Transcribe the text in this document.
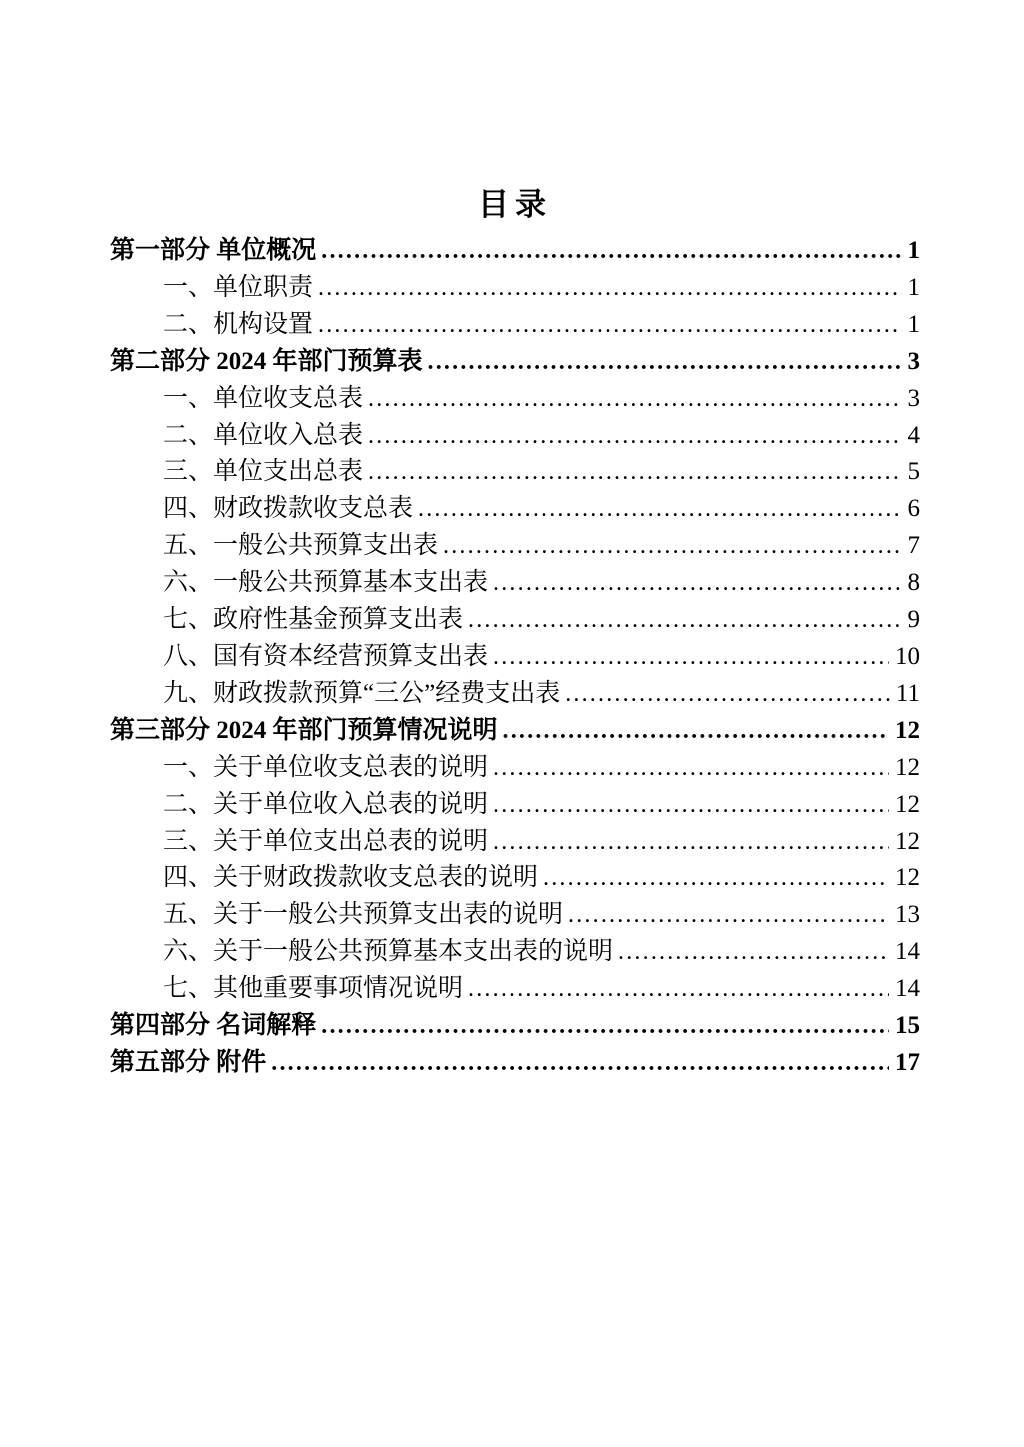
目录
第一部分 单位概况 .....	1
一、单位职责 .....	1
二、机构设置 .....	1
第二部分 2024 年部门预算表 .....	3
一、单位收支总表 .....	3
二、单位收入总表 .....	4
三、单位支出总表 .....	5
四、财政拨款收支总表 .....	6
五、一般公共预算支出表 .....	7
六、一般公共预算基本支出表 .....	8
七、政府性基金预算支出表 .....	9
八、国有资本经营预算支出表 .....	10
九、财政拨款预算“三公”经费支出表 .....	11
第三部分 2024 年部门预算情况说明 .....	12
一、关于单位收支总表的说明 .....	12
二、关于单位收入总表的说明 .....	12
三、关于单位支出总表的说明 .....	12
四、关于财政拨款收支总表的说明 .....	12
五、关于一般公共预算支出表的说明 .....	13
六、关于一般公共预算基本支出表的说明 .....	14
七、其他重要事项情况说明 .....	14
第四部分 名词解释 .....	15
第五部分 附件 .....	17
